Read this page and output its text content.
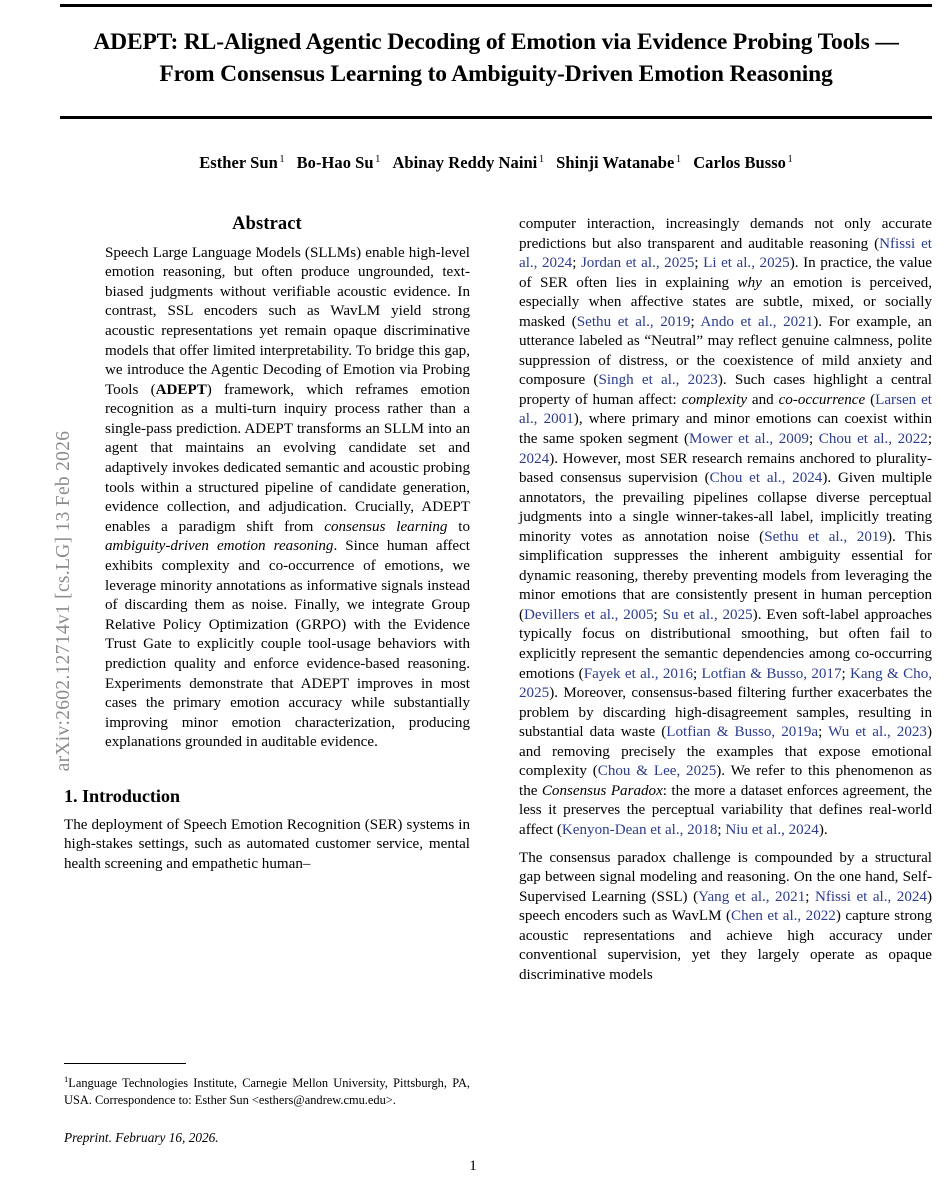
arXiv:2602.12714v1 [cs.LG] 13 Feb 2026
ADEPT: RL-Aligned Agentic Decoding of Emotion via Evidence Probing Tools —
From Consensus Learning to Ambiguity-Driven Emotion Reasoning
Esther Sun $^1$ Bo-Hao Su $^1$ Abinay Reddy Naini $^1$ Shinji Watanabe $^1$ Carlos Busso $^1$
Abstract
Speech Large Language Models (SLLMs) enable high-level emotion reasoning, but often produce ungrounded, text-biased judgments without verifiable acoustic evidence. In contrast, SSL encoders such as WavLM yield strong acoustic representations yet remain opaque discriminative models that offer limited interpretability. To bridge this gap, we introduce the Agentic Decoding of Emotion via Probing Tools (ADEPT) framework, which reframes emotion recognition as a multi-turn inquiry process rather than a single-pass prediction. ADEPT transforms an SLLM into an agent that maintains an evolving candidate set and adaptively invokes dedicated semantic and acoustic probing tools within a structured pipeline of candidate generation, evidence collection, and adjudication. Crucially, ADEPT enables a paradigm shift from consensus learning to ambiguity-driven emotion reasoning. Since human affect exhibits complexity and co-occurrence of emotions, we leverage minority annotations as informative signals instead of discarding them as noise. Finally, we integrate Group Relative Policy Optimization (GRPO) with the Evidence Trust Gate to explicitly couple tool-usage behaviors with prediction quality and enforce evidence-based reasoning. Experiments demonstrate that ADEPT improves in most cases the primary emotion accuracy while substantially improving minor emotion characterization, producing explanations grounded in auditable evidence.
1. Introduction

The deployment of Speech Emotion Recognition (SER) systems in high-stakes settings, such as automated customer service, mental health screening and empathetic human–

computer interaction, increasingly demands not only accurate predictions but also transparent and auditable reasoning (Nfissi et al., 2024; Jordan et al., 2025; Li et al., 2025). In practice, the value of SER often lies in explaining why an emotion is perceived, especially when affective states are subtle, mixed, or socially masked (Sethu et al., 2019; Ando et al., 2021). For example, an utterance labeled as “Neutral” may reflect genuine calmness, polite suppression of distress, or the coexistence of mild anxiety and composure (Singh et al., 2023). Such cases highlight a central property of human affect: complexity and co-occurrence (Larsen et al., 2001), where primary and minor emotions can coexist within the same spoken segment (Mower et al., 2009; Chou et al., 2022; 2024). However, most SER research remains anchored to plurality-based consensus supervision (Chou et al., 2024). Given multiple annotators, the prevailing pipelines collapse diverse perceptual judgments into a single winner-takes-all label, implicitly treating minority votes as annotation noise (Sethu et al., 2019). This simplification suppresses the inherent ambiguity essential for dynamic reasoning, thereby preventing models from leveraging the minor emotions that are consistently present in human perception (Devillers et al., 2005; Su et al., 2025). Even soft-label approaches typically focus on distributional smoothing, but often fail to explicitly represent the semantic dependencies among co-occurring emotions (Fayek et al., 2016; Lotfian & Busso, 2017; Kang & Cho, 2025). Moreover, consensus-based filtering further exacerbates the problem by discarding high-disagreement samples, resulting in substantial data waste (Lotfian & Busso, 2019a; Wu et al., 2023) and removing precisely the examples that expose emotional complexity (Chou & Lee, 2025). We refer to this phenomenon as the Consensus Paradox: the more a dataset enforces agreement, the less it preserves the perceptual variability that defines real-world affect (Kenyon-Dean et al., 2018; Niu et al., 2024).

The consensus paradox challenge is compounded by a structural gap between signal modeling and reasoning. On the one hand, Self-Supervised Learning (SSL) (Yang et al., 2021; Nfissi et al., 2024) speech encoders such as WavLM (Chen et al., 2022) capture strong acoustic representations and achieve high accuracy under conventional supervision, yet they largely operate as opaque discriminative models

$^1$Language Technologies Institute, Carnegie Mellon University, Pittsburgh, PA, USA. Correspondence to: Esther Sun <esthers@andrew.cmu.edu>.

Preprint. February 16, 2026.
1
